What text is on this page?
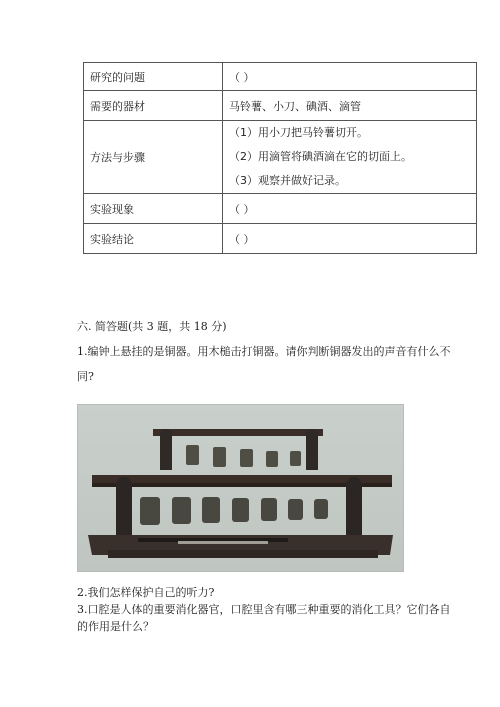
研究的问题	（ ）
需要的器材	马铃薯、小刀、碘酒、滴管
方法与步骤	（1）用小刀把马铃薯切开。
（2）用滴管将碘酒滴在它的切面上。
（3）观察并做好记录。

实验现象	（ ）
实验结论	（ ）
六. 简答题(共 3 题，共 18 分)
1.编钟上悬挂的是铜器。用木槌击打铜器。请你判断铜器发出的声音有什么不
同?
2.我们怎样保护自己的听力?
3.口腔是人体的重要消化器官，口腔里含有哪三种重要的消化工具？它们各自
的作用是什么？
